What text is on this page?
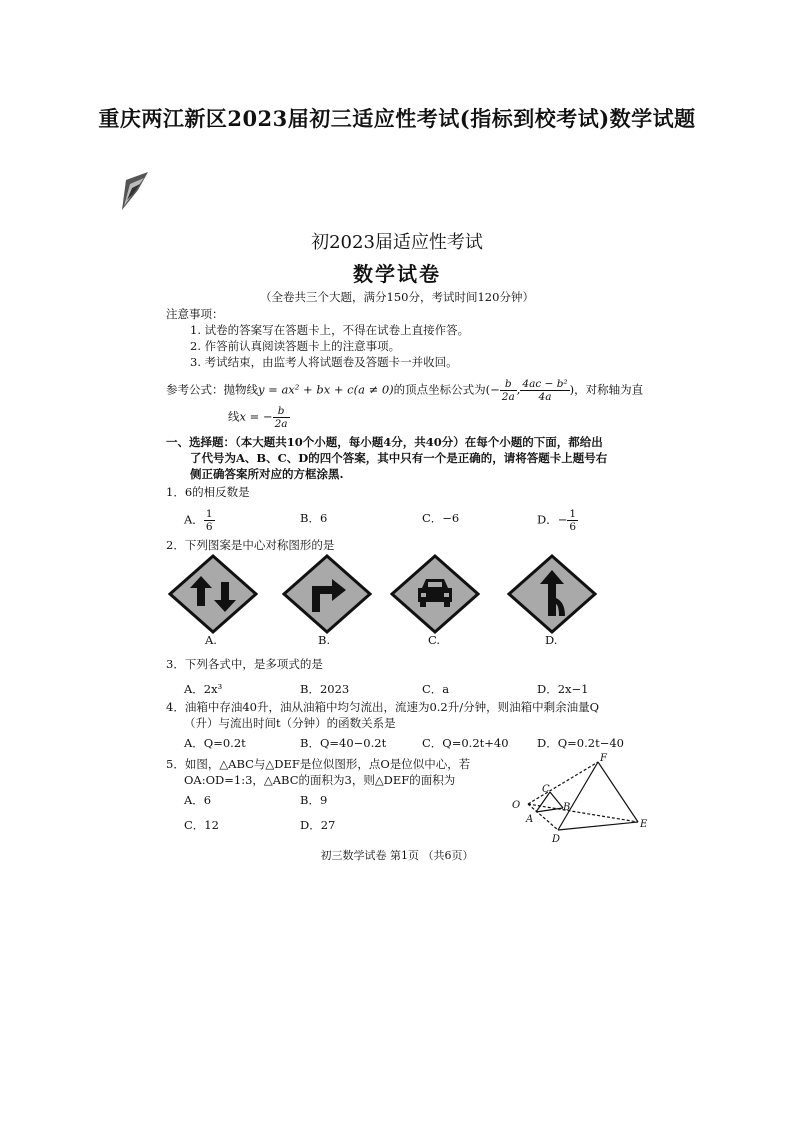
重庆两江新区2023届初三适应性考试(指标到校考试)数学试题
初2023届适应性考试
数学试卷
（全卷共三个大题，满分150分，考试时间120分钟）
注意事项：
1. 试卷的答案写在答题卡上，不得在试卷上直接作答。
2. 作答前认真阅读答题卡上的注意事项。
3. 考试结束，由监考人将试题卷及答题卡一并收回。
参考公式：抛物线y = ax² + bx + c(a ≠ 0)的顶点坐标公式为(− $\frac{b}{2a}$ , $\frac{\text{4ac − b²}}{4a}$ )，对称轴为直
线x = − $\frac{b}{2a}$
一、选择题：（本大题共10个小题，每小题4分，共40分）在每个小题的下面，都给出
了代号为A、B、C、D的四个答案，其中只有一个是正确的，请将答题卡上题号右
侧正确答案所对应的方框涂黑.
1．6的相反数是
A． $\frac{1}{6}$	B．6	C．−6	D．− $\frac{1}{6}$
2．下列图案是中心对称图形的是
A.	B.	C.	D.
3．下列各式中，是多项式的是
A．2x³	B．2023	C．a	D．2x−1
4．油箱中存油40升，油从油箱中均匀流出，流速为0.2升/分钟，则油箱中剩余油量Q
（升）与流出时间t（分钟）的函数关系是
A．Q=0.2t	B．Q=40−0.2t	C．Q=0.2t+40 D．Q=0.2t−40
5．如图，△ABC与△DEF是位似图形，点O是位似中心，若
OA:OD=1:3，△ABC的面积为3，则△DEF的面积为
A．6	B．9
C．12	D．27
F
C
B
O
A	E
D
初三数学试卷 第1页 （共6页）
